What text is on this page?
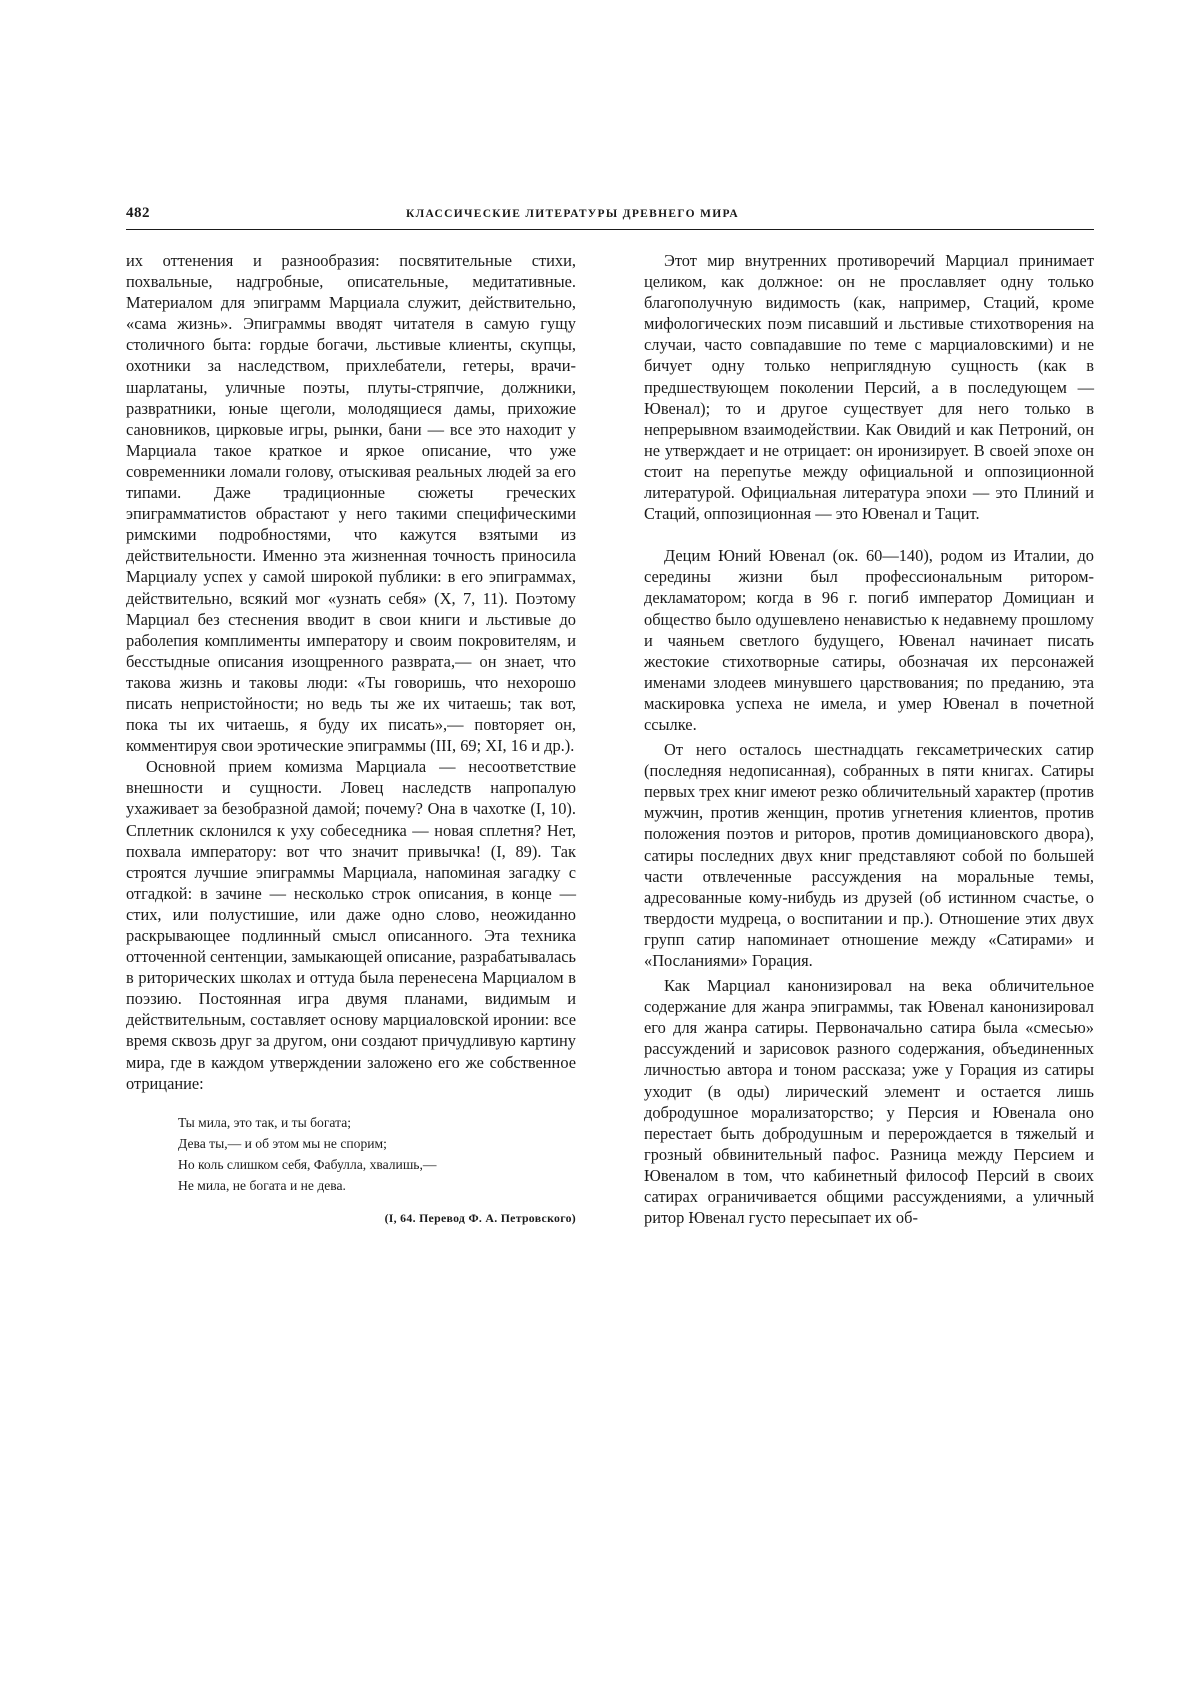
482	КЛАССИЧЕСКИЕ ЛИТЕРАТУРЫ ДРЕВНЕГО МИРА

их оттенения и разнообразия: посвятительные стихи, похвальные, надгробные, описательные, медитативные. Материалом для эпиграмм Марциала служит, действительно, «сама жизнь». Эпиграммы вводят читателя в самую гущу столичного быта: гордые богачи, льстивые клиенты, скупцы, охотники за наследством, прихлебатели, гетеры, врачи-шарлатаны, уличные поэты, плуты-стряпчие, должники, развратники, юные щеголи, молодящиеся дамы, прихожие сановников, цирковые игры, рынки, бани — все это находит у Марциала такое краткое и яркое описание, что уже современники ломали голову, отыскивая реальных людей за его типами. Даже традиционные сюжеты греческих эпиграмматистов обрастают у него такими специфическими римскими подробностями, что кажутся взятыми из действительности. Именно эта жизненная точность приносила Марциалу успех у самой широкой публики: в его эпиграммах, действительно, всякий мог «узнать себя» (X, 7, 11). Поэтому Марциал без стеснения вводит в свои книги и льстивые до раболепия комплименты императору и своим покровителям, и бесстыдные описания изощренного разврата,— он знает, что такова жизнь и таковы люди: «Ты говоришь, что нехорошо писать непристойности; но ведь ты же их читаешь; так вот, пока ты их читаешь, я буду их писать»,— повторяет он, комментируя свои эротические эпиграммы (III, 69; XI, 16 и др.).

Основной прием комизма Марциала — несоответствие внешности и сущности. Ловец наследств напропалую ухаживает за безобразной дамой; почему? Она в чахотке (I, 10). Сплетник склонился к уху собеседника — новая сплетня? Нет, похвала императору: вот что значит привычка! (I, 89). Так строятся лучшие эпиграммы Марциала, напоминая загадку с отгадкой: в зачине — несколько строк описания, в конце — стих, или полустишие, или даже одно слово, неожиданно раскрывающее подлинный смысл описанного. Эта техника отточенной сентенции, замыкающей описание, разрабатывалась в риторических школах и оттуда была перенесена Марциалом в поэзию. Постоянная игра двумя планами, видимым и действительным, составляет основу марциаловской иронии: все время сквозь друг за другом, они создают причудливую картину мира, где в каждом утверждении заложено его же собственное отрицание:

Ты мила, это так, и ты богата;
Дева ты,— и об этом мы не спорим;
Но коль слишком себя, Фабулла, хвалишь,—
Не мила, не богата и не дева.
(I, 64. Перевод Ф. А. Петровского)

Этот мир внутренних противоречий Марциал принимает целиком, как должное: он не прославляет одну только благополучную видимость (как, например, Стаций, кроме мифологических поэм писавший и льстивые стихотворения на случаи, часто совпадавшие по теме с марциаловскими) и не бичует одну только неприглядную сущность (как в предшествующем поколении Персий, а в последующем — Ювенал); то и другое существует для него только в непрерывном взаимодействии. Как Овидий и как Петроний, он не утверждает и не отрицает: он иронизирует. В своей эпохе он стоит на перепутье между официальной и оппозиционной литературой. Официальная литература эпохи — это Плиний и Стаций, оппозиционная — это Ювенал и Тацит.

Децим Юний Ювенал (ок. 60—140), родом из Италии, до середины жизни был профессиональным ритором-декламатором; когда в 96 г. погиб император Домициан и общество было одушевлено ненавистью к недавнему прошлому и чаяньем светлого будущего, Ювенал начинает писать жестокие стихотворные сатиры, обозначая их персонажей именами злодеев минувшего царствования; по преданию, эта маскировка успеха не имела, и умер Ювенал в почетной ссылке.

От него осталось шестнадцать гексаметрических сатир (последняя недописанная), собранных в пяти книгах. Сатиры первых трех книг имеют резко обличительный характер (против мужчин, против женщин, против угнетения клиентов, против положения поэтов и риторов, против домициановского двора), сатиры последних двух книг представляют собой по большей части отвлеченные рассуждения на моральные темы, адресованные кому-нибудь из друзей (об истинном счастье, о твердости мудреца, о воспитании и пр.). Отношение этих двух групп сатир напоминает отношение между «Сатирами» и «Посланиями» Горация.

Как Марциал канонизировал на века обличительное содержание для жанра эпиграммы, так Ювенал канонизировал его для жанра сатиры. Первоначально сатира была «смесью» рассуждений и зарисовок разного содержания, объединенных личностью автора и тоном рассказа; уже у Горация из сатиры уходит (в оды) лирический элемент и остается лишь добродушное морализаторство; у Персия и Ювенала оно перестает быть добродушным и перерождается в тяжелый и грозный обвинительный пафос. Разница между Персием и Ювеналом в том, что кабинетный философ Персий в своих сатирах ограничивается общими рассуждениями, а уличный ритор Ювенал густо пересыпает их об-
